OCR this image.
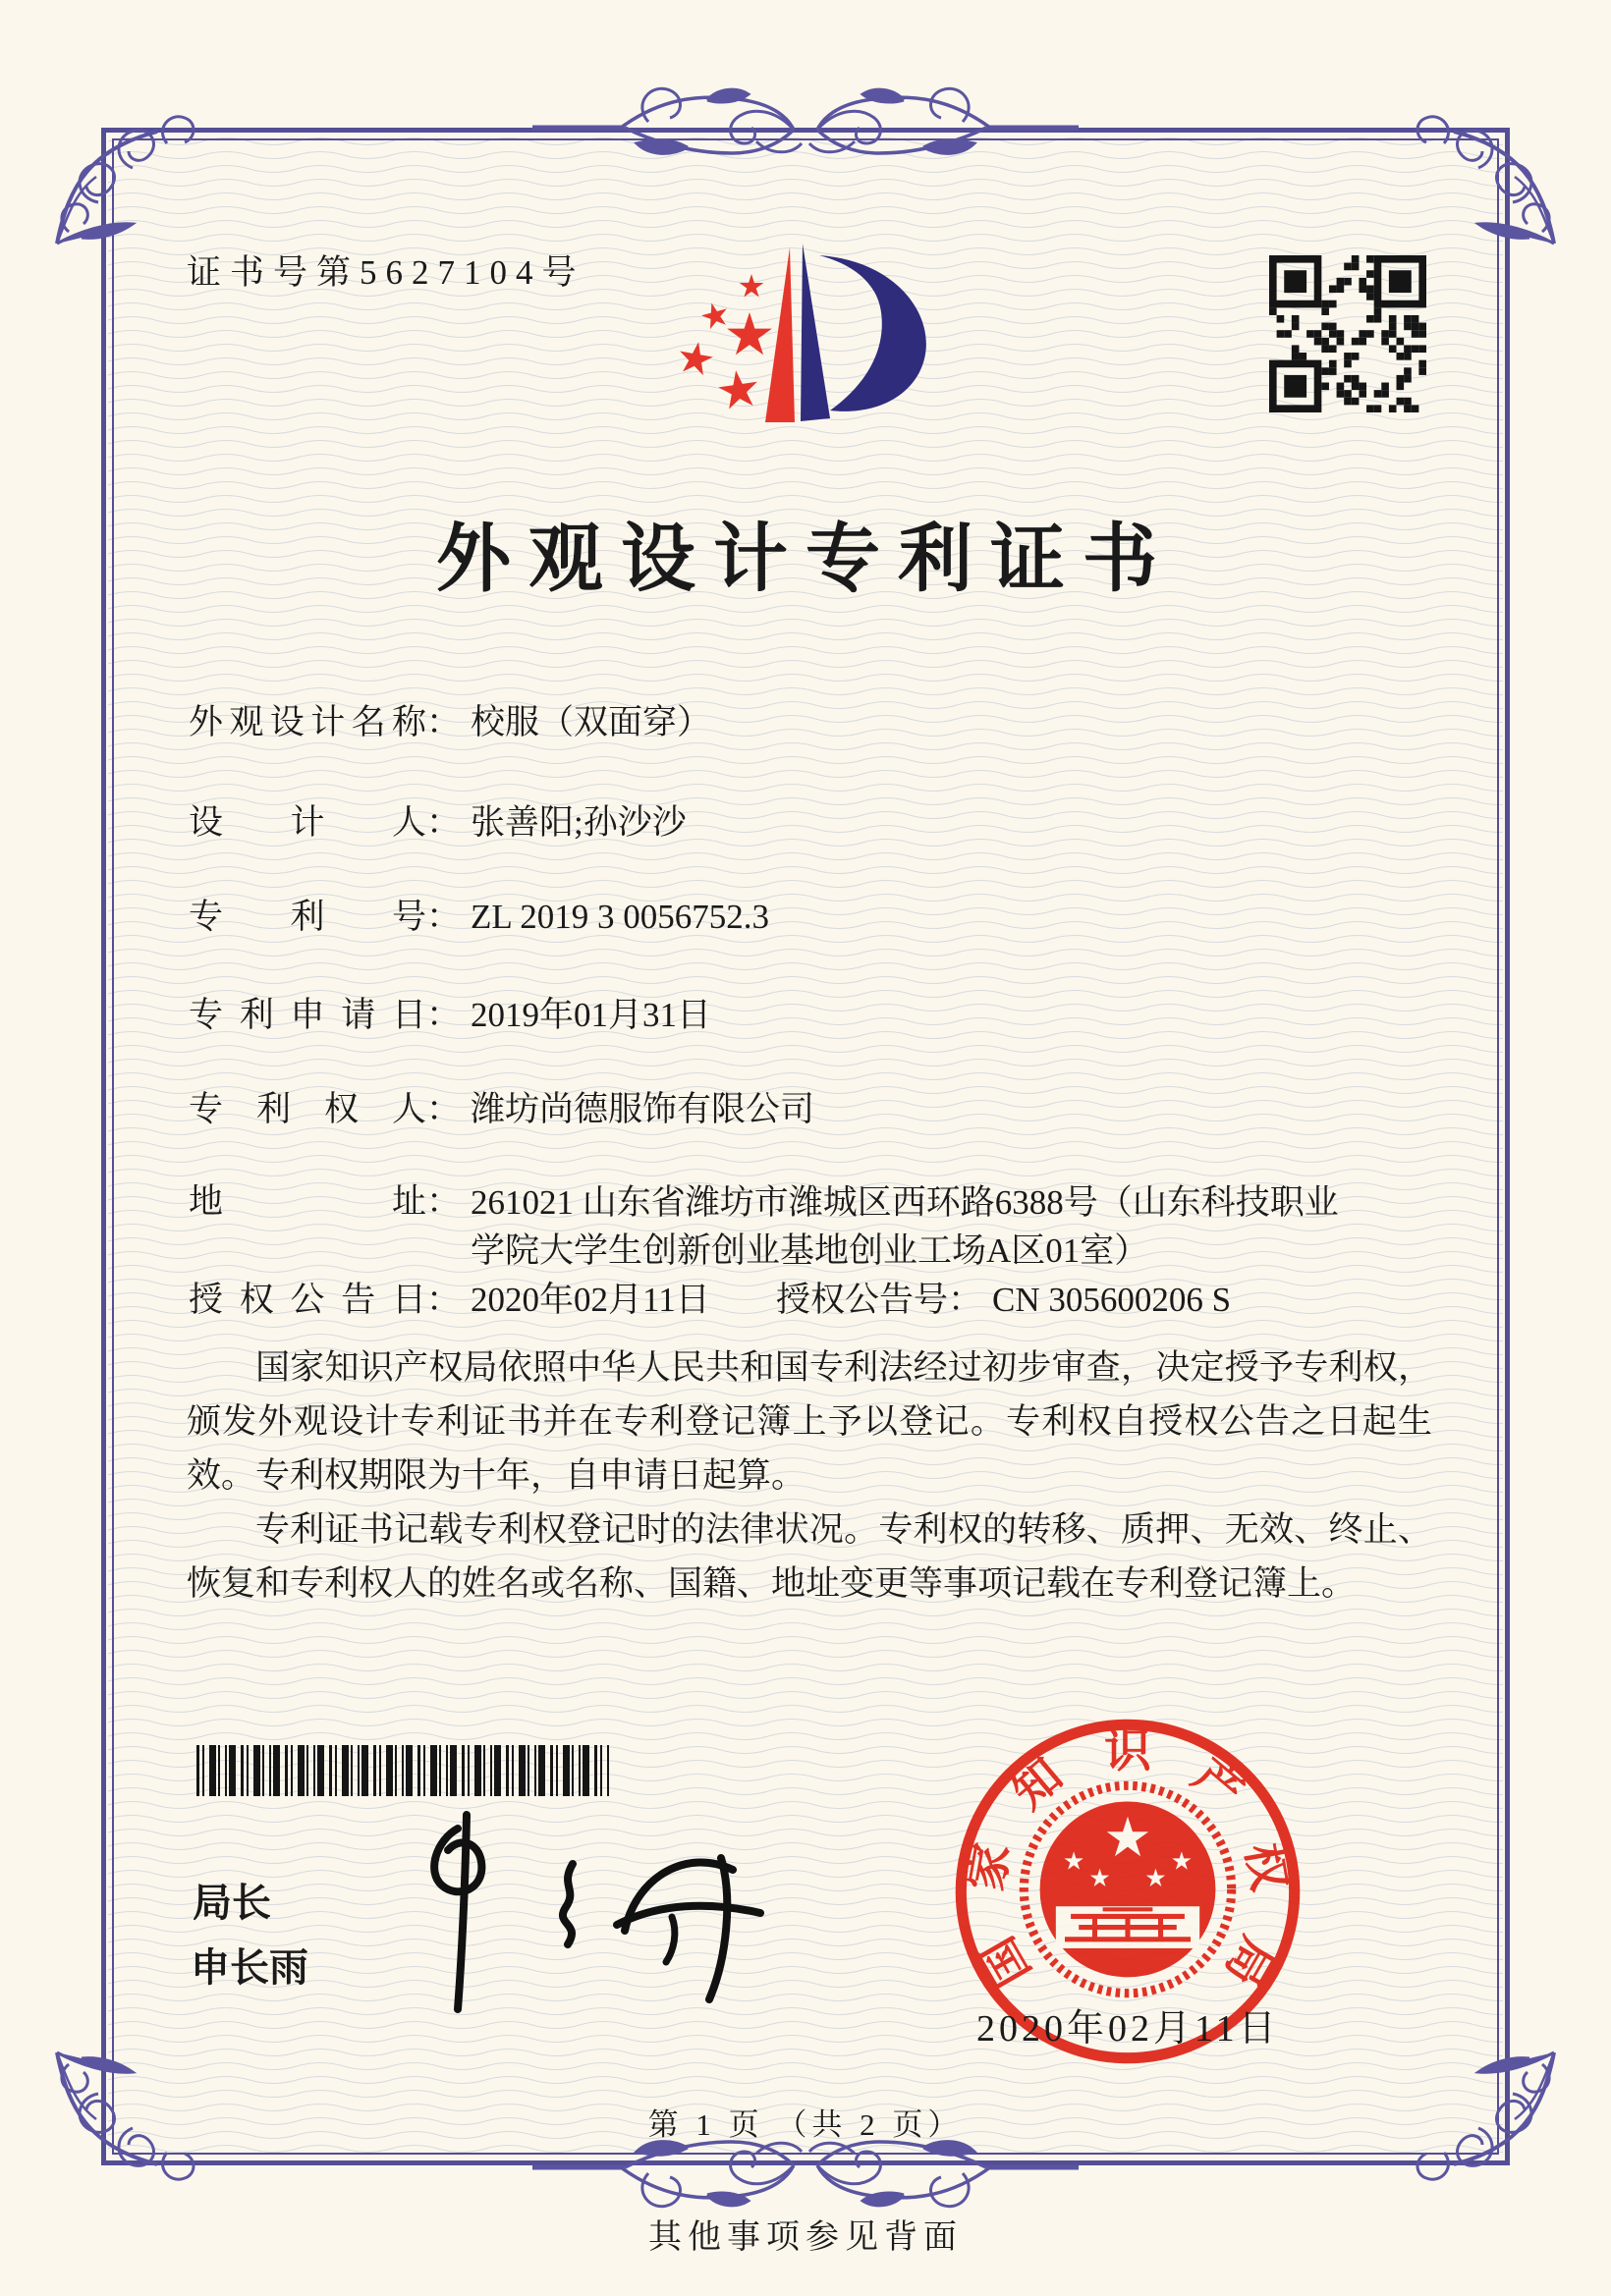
证书号第5627104号
外观设计专利证书
外观设计名称 ： 校服（双面穿）
设计人 ： 张善阳;孙沙沙
专利号 ： ZL 2019 3 0056752.3
专利申请日 ： 2019年01月31日
专利权人 ： 潍坊尚德服饰有限公司
地址 ： 261021 山东省潍坊市潍城区西环路6388号（山东科技职业学院大学生创新创业基地创业工场A区01室）
授权公告日 ： 2020年02月11日 授权公告号 ： CN 305600206 S

国家知识产权局依照中华人民共和国专利法经过初步审查，决定授予专利权，颁发外观设计专利证书并在专利登记簿上予以登记。专利权自授权公告之日起生效。专利权期限为十年，自申请日起算。

专利证书记载专利权登记时的法律状况。专利权的转移、质押、无效、终止、恢复和专利权人的姓名或名称、国籍、地址变更等事项记载在专利登记簿上。

局长
申长雨	国
家
知 识 产
权
局
2020年02月11日
第 1 页 （共 2 页）
其他事项参见背面
